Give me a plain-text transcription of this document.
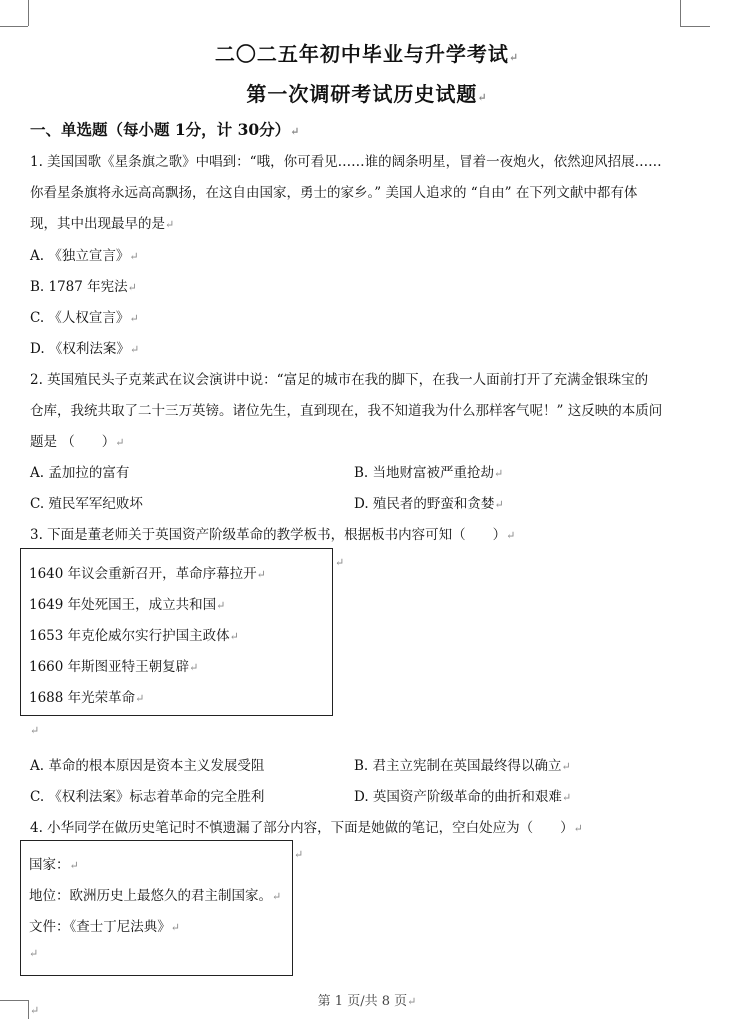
二〇二五年初中毕业与升学考试↵
第一次调研考试历史试题↵
一、单选题（每小题 1分，计 30分）↵
1. 美国国歌《星条旗之歌》中唱到：“哦，你可看见……谁的阔条明星，冒着一夜炮火，依然迎风招展……
你看星条旗将永远高高飘扬，在这自由国家，勇士的家乡。” 美国人追求的 “自由” 在下列文献中都有体
现，其中出现最早的是↵
A. 《独立宣言》↵
B. 1787 年宪法↵
C. 《人权宣言》↵
D. 《权利法案》↵
2. 英国殖民头子克莱武在议会演讲中说：“富足的城市在我的脚下，在我一人面前打开了充满金银珠宝的
仓库，我统共取了二十三万英镑。诸位先生，直到现在，我不知道我为什么那样客气呢！” 这反映的本质问
题是 （　　）↵
A. 孟加拉的富有	B. 当地财富被严重抢劫↵
C. 殖民军军纪败坏	D. 殖民者的野蛮和贪婪↵
3. 下面是董老师关于英国资产阶级革命的教学板书，根据板书内容可知（　　）↵
1640 年议会重新召开，革命序幕拉开↵
1649 年处死国王，成立共和国↵
1653 年克伦威尔实行护国主政体↵
1660 年斯图亚特王朝复辟↵
1688 年光荣革命↵
↵
↵
A. 革命的根本原因是资本主义发展受阻	B. 君主立宪制在英国最终得以确立↵
C. 《权利法案》标志着革命的完全胜利	D. 英国资产阶级革命的曲折和艰难↵
4. 小华同学在做历史笔记时不慎遗漏了部分内容，下面是她做的笔记，空白处应为（　　）↵
国家：↵
地位：欧洲历史上最悠久的君主制国家。↵
文件：《查士丁尼法典》↵
↵
↵
第 1 页/共 8 页↵
↵
